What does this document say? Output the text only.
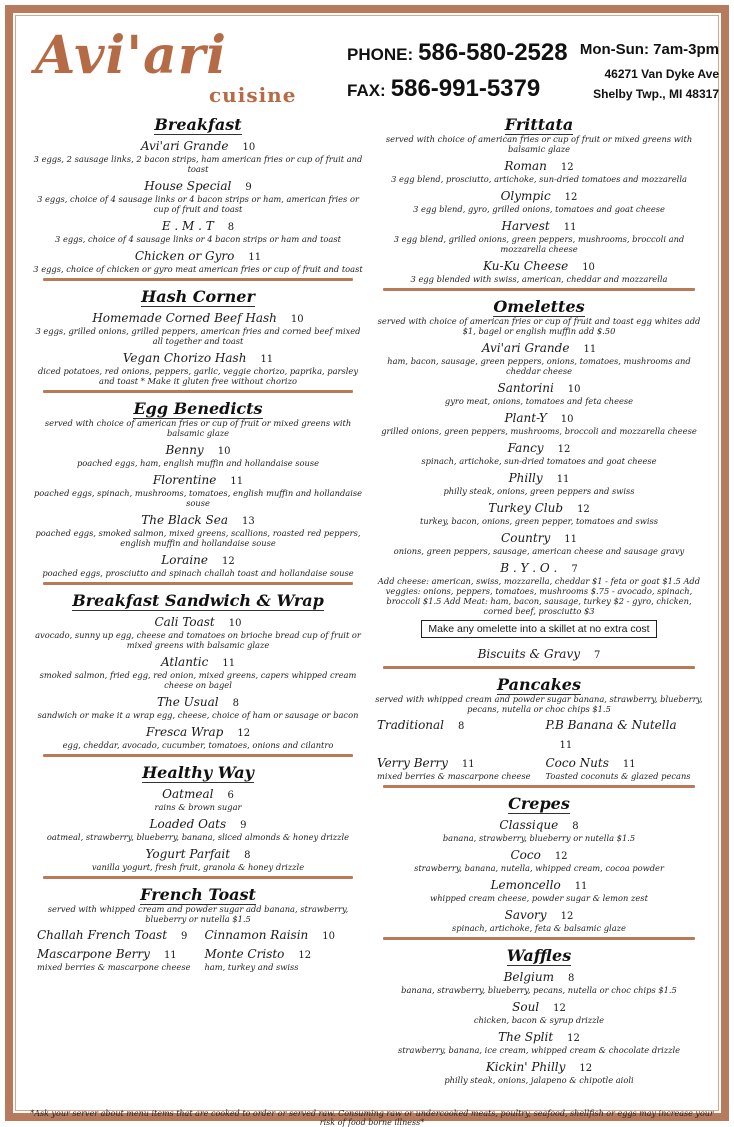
Avi'ari
cuisine
PHONE: 586-580-2528
FAX: 586-991-5379
Mon-Sun: 7am-3pm
46271 Van Dyke Ave
Shelby Twp., MI 48317
Breakfast
Avi'ari Grande 10
3 eggs, 2 sausage links, 2 bacon strips, ham american fries or cup of fruit and toast
House Special 9
3 eggs, choice of 4 sausage links or 4 bacon strips or ham, american fries or cup of fruit and toast
E . M . T 8
3 eggs, choice of 4 sausage links or 4 bacon strips or ham and toast
Chicken or Gyro 11
3 eggs, choice of chicken or gyro meat american fries or cup of fruit and toast
Hash Corner
Homemade Corned Beef Hash 10
3 eggs, grilled onions, grilled peppers, american fries and corned beef mixed all together and toast
Vegan Chorizo Hash 11
diced potatoes, red onions, peppers, garlic, veggie chorizo, paprika, parsley and toast * Make it gluten free without chorizo
Egg Benedicts
served with choice of american fries or cup of fruit or mixed greens with balsamic glaze
Benny 10
poached eggs, ham, english muffin and hollandaise souse
Florentine 11
poached eggs, spinach, mushrooms, tomatoes, english muffin and hollandaise souse
The Black Sea 13
poached eggs, smoked salmon, mixed greens, scallions, roasted red peppers, english muffin and hollandaise souse
Loraine 12
poached eggs, prosciutto and spinach challah toast and hollandaise souse
Breakfast Sandwich & Wrap
Cali Toast 10
avocado, sunny up egg, cheese and tomatoes on brioche bread cup of fruit or mixed greens with balsamic glaze
Atlantic 11
smoked salmon, fried egg, red onion, mixed greens, capers whipped cream cheese on bagel
The Usual 8
sandwich or make it a wrap egg, cheese, choice of ham or sausage or bacon
Fresca Wrap 12
egg, cheddar, avocado, cucumber, tomatoes, onions and cilantro
Healthy Way
Oatmeal 6
rains & brown sugar
Loaded Oats 9
oatmeal, strawberry, blueberry, banana, sliced almonds & honey drizzle
Yogurt Parfait 8
vanilla yogurt, fresh fruit, granola & honey drizzle
French Toast
served with whipped cream and powder sugar add banana, strawberry, blueberry or nutella $1.5
Challah French Toast 9	Cinnamon Raisin 10
Mascarpone Berry 11
mixed berries & mascarpone cheese
Monte Cristo 12
ham, turkey and swiss
Frittata
served with choice of american fries or cup of fruit or mixed greens with balsamic glaze
Roman 12
3 egg blend, prosciutto, artichoke, sun-dried tomatoes and mozzarella
Olympic 12
3 egg blend, gyro, grilled onions, tomatoes and goat cheese
Harvest 11
3 egg blend, grilled onions, green peppers, mushrooms, broccoli and mozzarella cheese
Ku-Ku Cheese 10
3 egg blended with swiss, american, cheddar and mozzarella
Omelettes
served with choice of american fries or cup of fruit and toast egg whites add $1, bagel or english muffin add $.50
Avi'ari Grande 11
ham, bacon, sausage, green peppers, onions, tomatoes, mushrooms and cheddar cheese
Santorini 10
gyro meat, onions, tomatoes and feta cheese
Plant-Y 10
grilled onions, green peppers, mushrooms, broccoli and mozzarella cheese
Fancy 12
spinach, artichoke, sun-dried tomatoes and goat cheese
Philly 11
philly steak, onions, green peppers and swiss
Turkey Club 12
turkey, bacon, onions, green pepper, tomatoes and swiss
Country 11
onions, green peppers, sausage, american cheese and sausage gravy
B . Y . O . 7
Add cheese: american, swiss, mozzarella, cheddar $1 - feta or goat $1.5 Add veggies: onions, peppers, tomatoes, mushrooms $.75 - avocado, spinach, broccoli $1.5 Add Meat: ham, bacon, sausage, turkey $2 - gyro, chicken, corned beef, prosciutto $3
Make any omelette into a skillet at no extra cost
Biscuits & Gravy 7
Pancakes
served with whipped cream and powder sugar banana, strawberry, blueberry, pecans, nutella or choc chips $1.5
Traditional 8	P.B Banana & Nutella11
Verry Berry 11
mixed berries & mascarpone cheese
Coco Nuts 11
Toasted coconuts & glazed pecans
Crepes
Classique 8
banana, strawberry, blueberry or nutella $1.5
Coco 12
strawberry, banana, nutella, whipped cream, cocoa powder
Lemoncello 11
whipped cream cheese, powder sugar & lemon zest
Savory 12
spinach, artichoke, feta & balsamic glaze
Waffles
Belgium 8
banana, strawberry, blueberry, pecans, nutella or choc chips $1.5
Soul 12
chicken, bacon & syrup drizzle
The Split 12
strawberry, banana, ice cream, whipped cream & chocolate drizzle
Kickin' Philly 12
philly steak, onions, jalapeno & chipotle aioli
*Ask your server about menu items that are cooked to order or served raw. Consuming raw or undercooked meats, poultry, seafood, shellfish or eggs may increase your risk of food borne illness*
